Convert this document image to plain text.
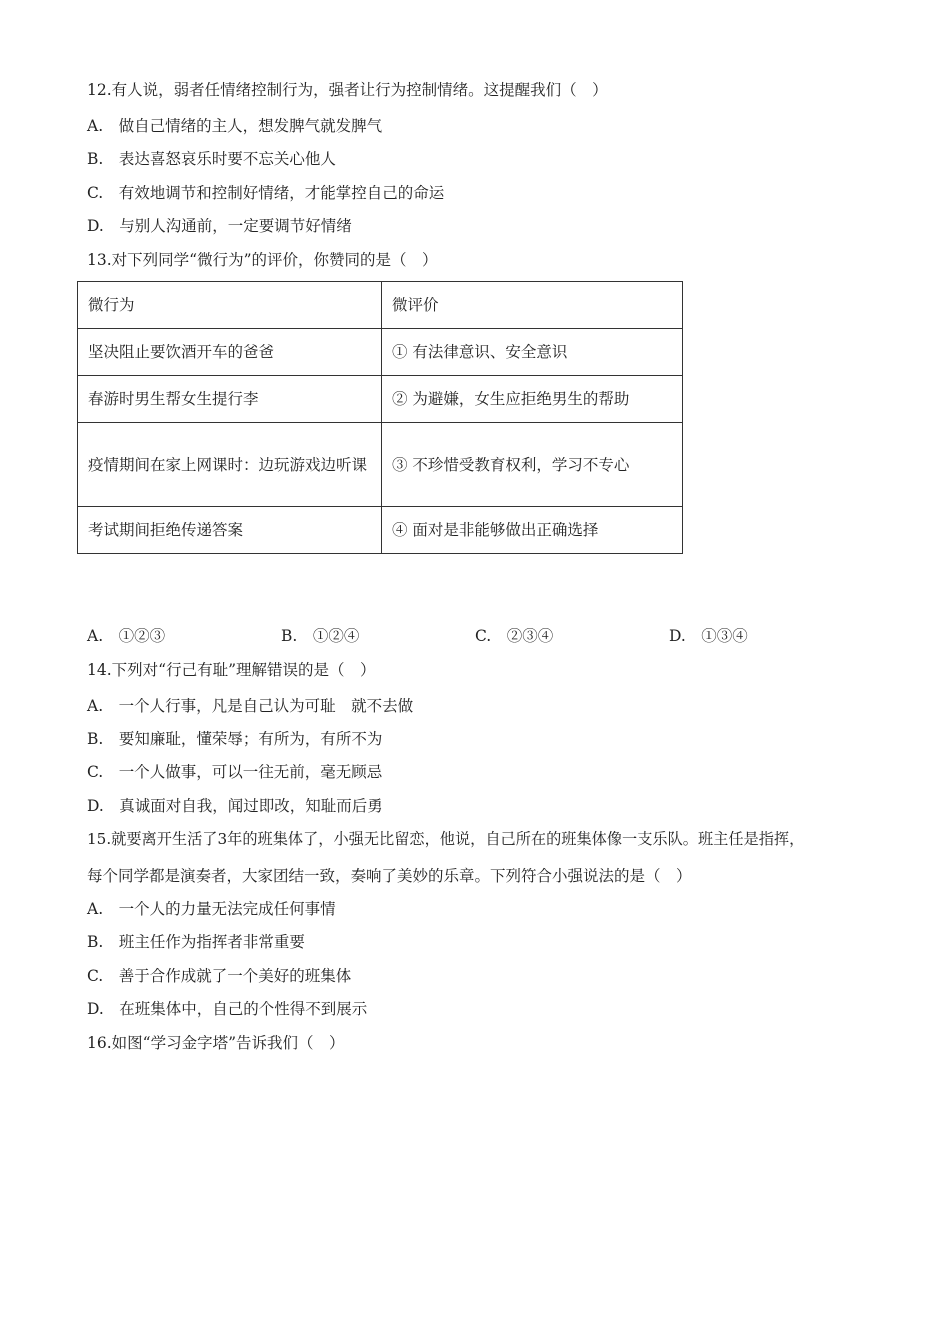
12.有人说，弱者任情绪控制行为，强者让行为控制情绪。这提醒我们（　）
A.　做自己情绪的主人，想发脾气就发脾气
B.　表达喜怒哀乐时要不忘关心他人
C.　有效地调节和控制好情绪，才能掌控自己的命运
D.　与别人沟通前，一定要调节好情绪
13.对下列同学“微行为”的评价，你赞同的是（　）
微行为	微评价
坚决阻止要饮酒开车的爸爸	① 有法律意识、安全意识
春游时男生帮女生提行李	② 为避嫌，女生应拒绝男生的帮助
疫情期间在家上网课时：边玩游戏边听课	③ 不珍惜受教育权利，学习不专心
考试期间拒绝传递答案	④ 面对是非能够做出正确选择
A.　①②③	B.　①②④	C.　②③④	D.　①③④
14.下列对“行己有耻”理解错误的是（　）
A.　一个人行事，凡是自己认为可耻　就不去做
B.　要知廉耻，懂荣辱；有所为，有所不为
C.　一个人做事，可以一往无前，毫无顾忌
D.　真诚面对自我，闻过即改，知耻而后勇
15.就要离开生活了3年的班集体了，小强无比留恋，他说，自己所在的班集体像一支乐队。班主任是指挥，
每个同学都是演奏者，大家团结一致，奏响了美妙的乐章。下列符合小强说法的是（　）
A.　一个人的力量无法完成任何事情
B.　班主任作为指挥者非常重要
C.　善于合作成就了一个美好的班集体
D.　在班集体中，自己的个性得不到展示
16.如图“学习金字塔”告诉我们（　）
